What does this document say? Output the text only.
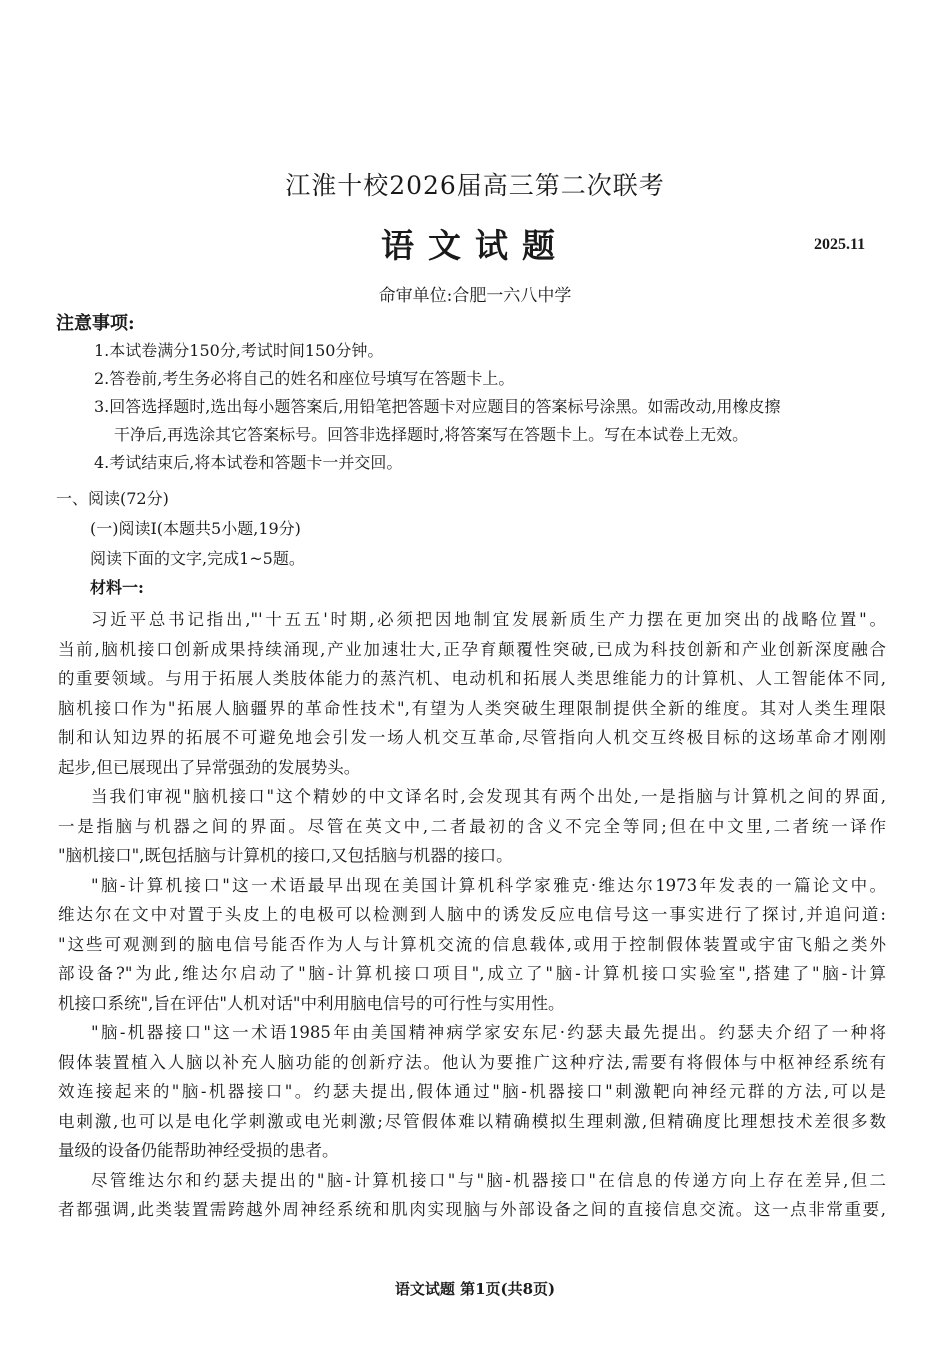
江淮十校2026届高三第二次联考
语文试题	2025.11
命审单位:合肥一六八中学
注意事项:
1.本试卷满分150分,考试时间150分钟。
2.答卷前,考生务必将自己的姓名和座位号填写在答题卡上。
3.回答选择题时,选出每小题答案后,用铅笔把答题卡对应题目的答案标号涂黑。如需改动,用橡皮擦
干净后,再选涂其它答案标号。回答非选择题时,将答案写在答题卡上。写在本试卷上无效。
4.考试结束后,将本试卷和答题卡一并交回。
一、阅读(72分)
(一)阅读Ⅰ(本题共5小题,19分)
阅读下面的文字,完成1~5题。
材料一:
习近平总书记指出,"'十五五'时期,必须把因地制宜发展新质生产力摆在更加突出的战略位置"。
当前,脑机接口创新成果持续涌现,产业加速壮大,正孕育颠覆性突破,已成为科技创新和产业创新深度融合
的重要领域。与用于拓展人类肢体能力的蒸汽机、电动机和拓展人类思维能力的计算机、人工智能体不同,
脑机接口作为"拓展人脑疆界的革命性技术",有望为人类突破生理限制提供全新的维度。其对人类生理限
制和认知边界的拓展不可避免地会引发一场人机交互革命,尽管指向人机交互终极目标的这场革命才刚刚
起步,但已展现出了异常强劲的发展势头。
当我们审视"脑机接口"这个精妙的中文译名时,会发现其有两个出处,一是指脑与计算机之间的界面,
一是指脑与机器之间的界面。尽管在英文中,二者最初的含义不完全等同;但在中文里,二者统一译作
"脑机接口",既包括脑与计算机的接口,又包括脑与机器的接口。
"脑-计算机接口"这一术语最早出现在美国计算机科学家雅克·维达尔1973年发表的一篇论文中。
维达尔在文中对置于头皮上的电极可以检测到人脑中的诱发反应电信号这一事实进行了探讨,并追问道:
"这些可观测到的脑电信号能否作为人与计算机交流的信息载体,或用于控制假体装置或宇宙飞船之类外
部设备?"为此,维达尔启动了"脑-计算机接口项目",成立了"脑-计算机接口实验室",搭建了"脑-计算
机接口系统",旨在评估"人机对话"中利用脑电信号的可行性与实用性。
"脑-机器接口"这一术语1985年由美国精神病学家安东尼·约瑟夫最先提出。约瑟夫介绍了一种将
假体装置植入人脑以补充人脑功能的创新疗法。他认为要推广这种疗法,需要有将假体与中枢神经系统有
效连接起来的"脑-机器接口"。约瑟夫提出,假体通过"脑-机器接口"刺激靶向神经元群的方法,可以是
电刺激,也可以是电化学刺激或电光刺激;尽管假体难以精确模拟生理刺激,但精确度比理想技术差很多数
量级的设备仍能帮助神经受损的患者。
尽管维达尔和约瑟夫提出的"脑-计算机接口"与"脑-机器接口"在信息的传递方向上存在差异,但二
者都强调,此类装置需跨越外周神经系统和肌肉实现脑与外部设备之间的直接信息交流。这一点非常重要,
语文试题 第1页(共8页)
